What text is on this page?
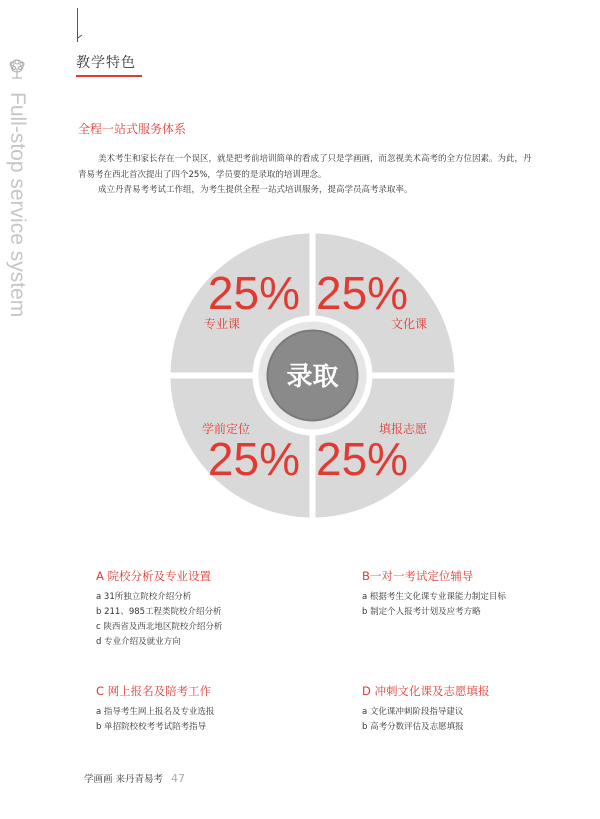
教学特色
Full-stop service system	全程一站式服务体系
美术考生和家长存在一个误区，就是把考前培训简单的看成了只是学画画，而忽视美术高考的全方位因素。为此，丹青易考在西北首次提出了四个25%，学员要的是录取的培训理念。
成立丹青易考考试工作组，为考生提供全程一站式培训服务，提高学员高考录取率。
录取
25% 25%
25% 25%
专业课	文化课
学前定位	填报志愿
A 院校分析及专业设置
a 31所独立院校介绍分析
b 211、985工程类院校介绍分析
c 陕西省及西北地区院校介绍分析
d 专业介绍及就业方向
B一对一考试定位辅导
a 根据考生文化课专业课能力制定目标
b 制定个人报考计划及应考方略
C 网上报名及陪考工作
a 指导考生网上报名及专业选报
b 单招院校校考考试陪考指导
D 冲刺文化课及志愿填报
a 文化课冲刺阶段指导建议
b 高考分数评估及志愿填报
学画画 来丹青易考 47
